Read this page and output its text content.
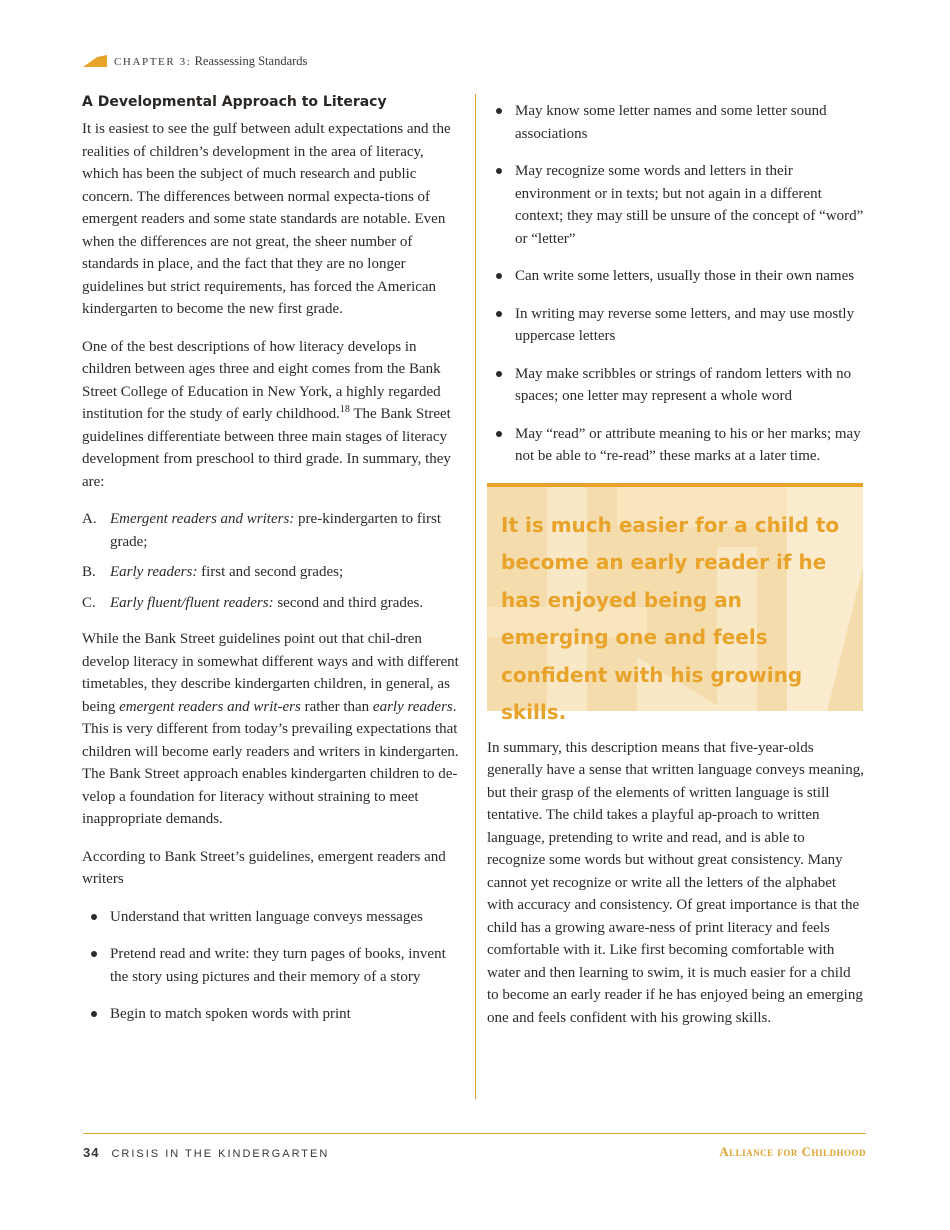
CHAPTER 3: Reassessing Standards
A Developmental Approach to Literacy

It is easiest to see the gulf between adult expectations and the realities of children’s development in the area of literacy, which has been the subject of much research and public concern. The differences between normal expecta-tions of emergent readers and some state standards are notable. Even when the differences are not great, the sheer number of standards in place, and the fact that they are no longer guidelines but strict requirements, has forced the American kindergarten to become the new first grade.

One of the best descriptions of how literacy develops in children between ages three and eight comes from the Bank Street College of Education in New York, a highly regarded institution for the study of early childhood.$^{18}$ The Bank Street guidelines differentiate between three main stages of literacy development from preschool to third grade. In summary, they are:

A. Emergent readers and writers: pre-kindergarten to first grade;
B. Early readers: first and second grades;
C. Early fluent/fluent readers: second and third grades.

While the Bank Street guidelines point out that chil-dren develop literacy in somewhat different ways and with different timetables, they describe kindergarten children, in general, as being emergent readers and writ-ers rather than early readers. This is very different from today’s prevailing expectations that children will become early readers and writers in kindergarten. The Bank Street approach enables kindergarten children to de-velop a foundation for literacy without straining to meet inappropriate demands.

According to Bank Street’s guidelines, emergent readers and writers

Understand that written language conveys messages
Pretend read and write: they turn pages of books, invent the story using pictures and their memory of a story
Begin to match spoken words with print
May know some letter names and some letter sound associations
May recognize some words and letters in their environment or in texts; but not again in a different context; they may still be unsure of the concept of “word” or “letter”
Can write some letters, usually those in their own names
In writing may reverse some letters, and may use mostly uppercase letters
May make scribbles or strings of random letters with no spaces; one letter may represent a whole word
May “read” or attribute meaning to his or her marks; may not be able to “re-read” these marks at a later time.
It is much easier for a child to become an early reader if he has enjoyed being an emerging one and feels confident with his growing skills.

In summary, this description means that five-year-olds generally have a sense that written language conveys meaning, but their grasp of the elements of written language is still tentative. The child takes a playful ap-proach to written language, pretending to write and read, and is able to recognize some words but without great consistency. Many cannot yet recognize or write all the letters of the alphabet with accuracy and consistency. Of great importance is that the child has a growing aware-ness of print literacy and feels comfortable with it. Like first becoming comfortable with water and then learning to swim, it is much easier for a child to become an early reader if he has enjoyed being an emerging one and feels confident with his growing skills.

34 CRISIS IN THE KINDERGARTEN	Alliance for Childhood
